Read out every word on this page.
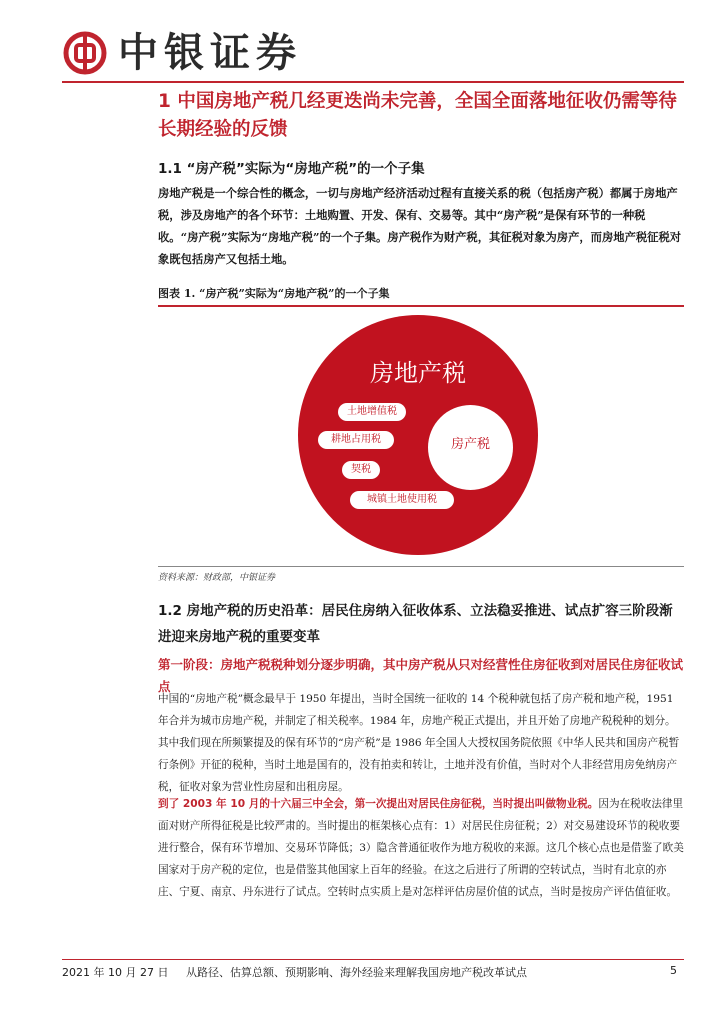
中银证券
1 中国房地产税几经更迭尚未完善，全国全面落地征收仍需等待长期经验的反馈
1.1 “房产税”实际为“房地产税”的一个子集
房地产税是一个综合性的概念，一切与房地产经济活动过程有直接关系的税（包括房产税）都属于房地产税，涉及房地产的各个环节：土地购置、开发、保有、交易等。其中“房产税”是保有环节的一种税收。“房产税”实际为“房地产税”的一个子集。房产税作为财产税，其征税对象为房产，而房地产税征税对象既包括房产又包括土地。
图表 1. “房产税”实际为“房地产税”的一个子集
房地产税
土地增值税
耕地占用税
契税
城镇土地使用税
房产税
资料来源：财政部，中银证券
1.2 房地产税的历史沿革：居民住房纳入征收体系、立法稳妥推进、试点扩容三阶段渐进迎来房地产税的重要变革
第一阶段：房地产税税种划分逐步明确，其中房产税从只对经营性住房征收到对居民住房征收试点
中国的“房地产税”概念最早于 1950 年提出，当时全国统一征收的 14 个税种就包括了房产税和地产税，1951 年合并为城市房地产税，并制定了相关税率。1984 年，房地产税正式提出，并且开始了房地产税税种的划分。其中我们现在所频繁提及的保有环节的“房产税”是 1986 年全国人大授权国务院依照《中华人民共和国房产税暂行条例》开征的税种，当时土地是国有的，没有拍卖和转让，土地并没有价值，当时对个人非经营用房免纳房产税，征收对象为营业性房屋和出租房屋。
到了 2003 年 10 月的十六届三中全会，第一次提出对居民住房征税，当时提出叫做物业税。因为在税收法律里面对财产所得征税是比较严肃的。当时提出的框架核心点有：1）对居民住房征税；2）对交易建设环节的税收要进行整合，保有环节增加、交易环节降低；3）隐含普通征收作为地方税收的来源。这几个核心点也是借鉴了欧美国家对于房产税的定位，也是借鉴其他国家上百年的经验。在这之后进行了所谓的空转试点，当时有北京的亦庄、宁夏、南京、丹东进行了试点。空转时点实质上是对怎样评估房屋价值的试点，当时是按房产评估值征收。
2021 年 10 月 27 日 从路径、估算总额、预期影响、海外经验来理解我国房地产税改革试点	5
